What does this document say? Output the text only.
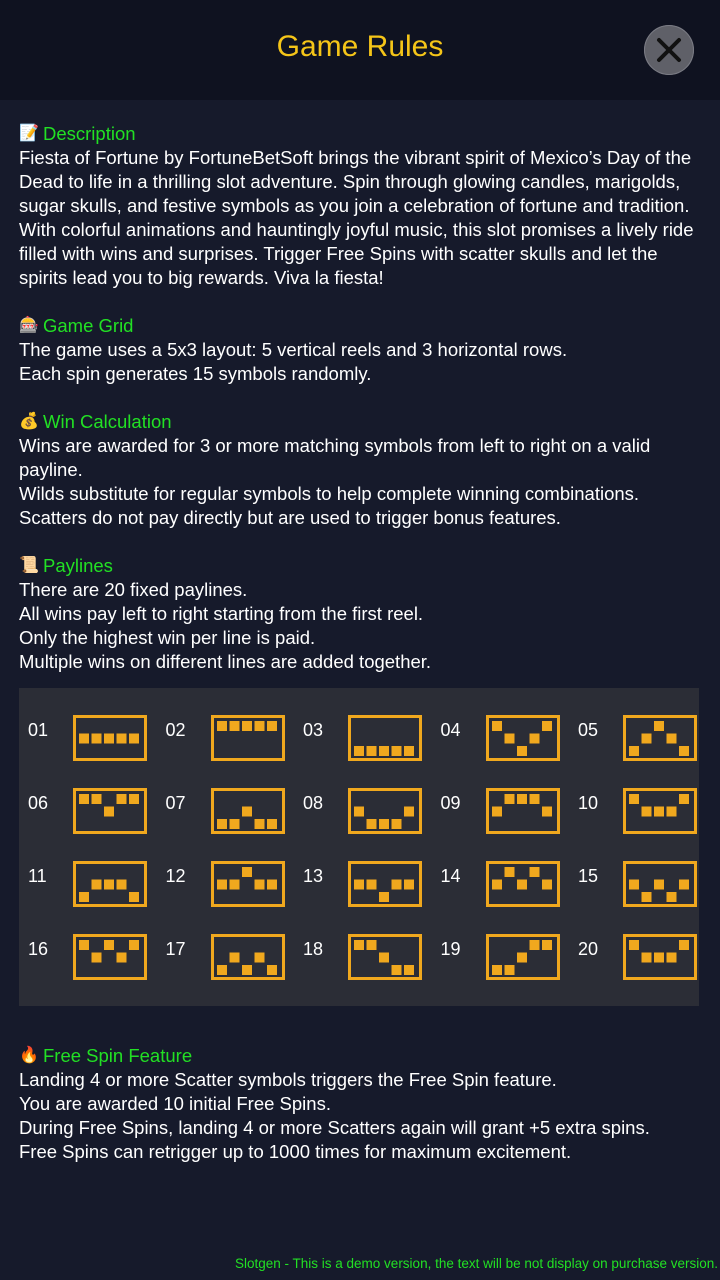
Game Rules
📝 Description
Fiesta of Fortune by FortuneBetSoft brings the vibrant spirit of Mexico’s Day of the Dead to life in a thrilling slot adventure. Spin through glowing candles, marigolds, sugar skulls, and festive symbols as you join a celebration of fortune and tradition. With colorful animations and hauntingly joyful music, this slot promises a lively ride filled with wins and surprises. Trigger Free Spins with scatter skulls and let the spirits lead you to big rewards. Viva la fiesta!
🎰 Game Grid
The game uses a 5x3 layout: 5 vertical reels and 3 horizontal rows.
Each spin generates 15 symbols randomly.
💰 Win Calculation
Wins are awarded for 3 or more matching symbols from left to right on a valid payline.
Wilds substitute for regular symbols to help complete winning combinations.
Scatters do not pay directly but are used to trigger bonus features.
📜 Paylines
There are 20 fixed paylines.
All wins pay left to right starting from the first reel.
Only the highest win per line is paid.
Multiple wins on different lines are added together.
01	02	03	04	05
06	07	08	09	10
11	12	13	14	15
16	17	18	19	20
🔥 Free Spin Feature
Landing 4 or more Scatter symbols triggers the Free Spin feature.
You are awarded 10 initial Free Spins.
During Free Spins, landing 4 or more Scatters again will grant +5 extra spins.
Free Spins can retrigger up to 1000 times for maximum excitement.
Slotgen - This is a demo version, the text will be not display on purchase version.
